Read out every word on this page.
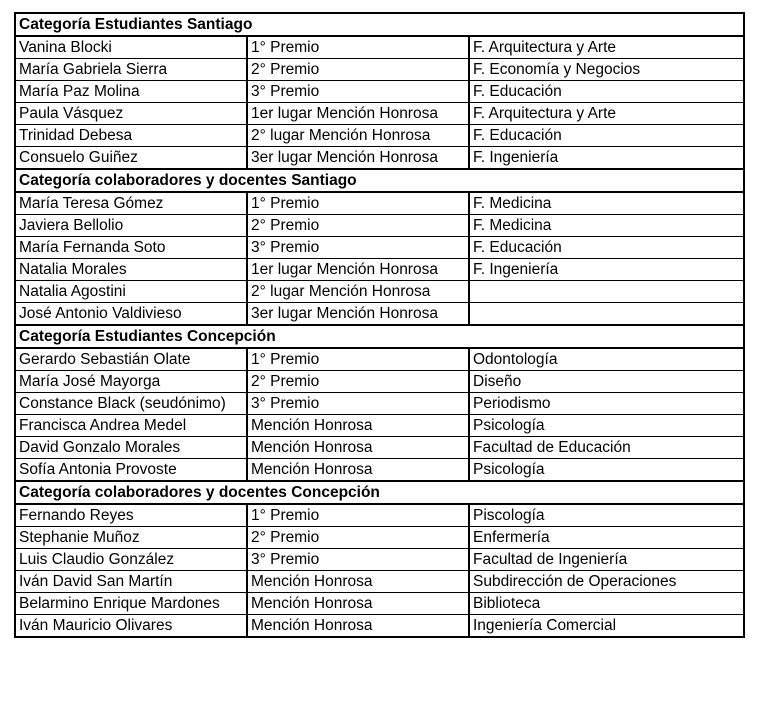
Categoría Estudiantes Santiago		
Vanina Blocki	1° Premio	F. Arquitectura y Arte
María Gabriela Sierra	2° Premio	F. Economía y Negocios
María Paz Molina	3° Premio	F. Educación
Paula Vásquez	1er lugar Mención Honrosa	F. Arquitectura y Arte
Trinidad Debesa	2° lugar Mención Honrosa	F. Educación
Consuelo Guiñez	3er lugar Mención Honrosa	F. Ingeniería
Categoría colaboradores y docentes Santiago		
María Teresa Gómez	1° Premio	F. Medicina
Javiera Bellolio	2° Premio	F. Medicina
María Fernanda Soto	3° Premio	F. Educación
Natalia Morales	1er lugar Mención Honrosa	F. Ingeniería
Natalia Agostini	2° lugar Mención Honrosa	
José Antonio Valdivieso	3er lugar Mención Honrosa	
Categoría Estudiantes Concepción		
Gerardo Sebastián Olate	1° Premio	Odontología
María José Mayorga	2° Premio	Diseño
Constance Black (seudónimo)	3° Premio	Periodismo
Francisca Andrea Medel	Mención Honrosa	Psicología
David Gonzalo Morales	Mención Honrosa	Facultad de Educación
Sofía Antonia Provoste	Mención Honrosa	Psicología
Categoría colaboradores y docentes Concepción		
Fernando Reyes	1° Premio	Piscología
Stephanie Muñoz	2° Premio	Enfermería
Luis Claudio González	3° Premio	Facultad de Ingeniería
Iván David San Martín	Mención Honrosa	Subdirección de Operaciones
Belarmino Enrique Mardones	Mención Honrosa	Biblioteca
Iván Mauricio Olivares	Mención Honrosa	Ingeniería Comercial
